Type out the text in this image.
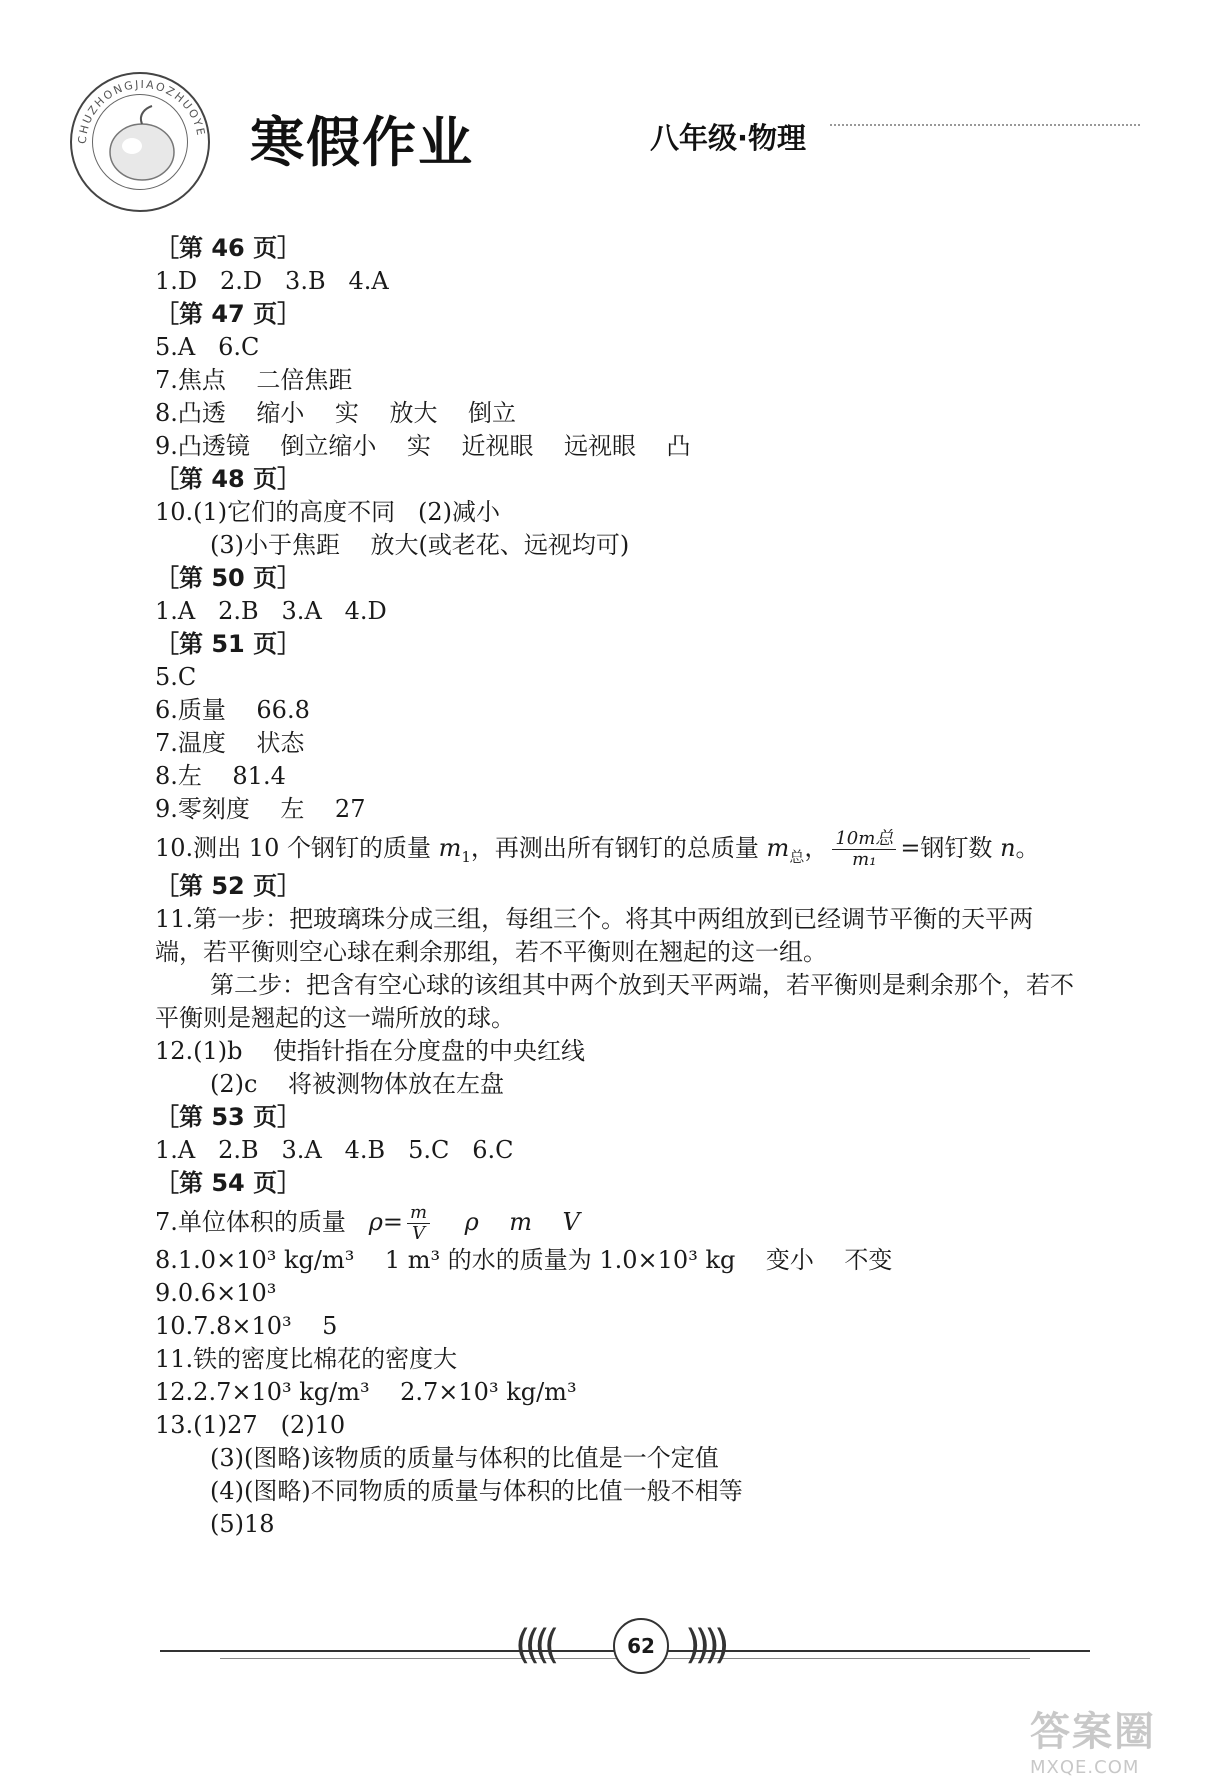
CHUZHONGJIAOZHUOYE 寒假作业	八年级·物理
［第 46 页］
1.D   2.D   3.B   4.A
［第 47 页］
5.A   6.C
7.焦点    二倍焦距
8.凸透    缩小    实    放大    倒立
9.凸透镜    倒立缩小    实    近视眼    远视眼    凸
［第 48 页］
10.(1)它们的高度不同   (2)减小
(3)小于焦距    放大(或老花、远视均可)
［第 50 页］
1.A   2.B   3.A   4.D
［第 51 页］
5.C
6.质量    66.8
7.温度    状态
8.左    81.4
9.零刻度    左    27
10.测出 10 个钢钉的质量 $m_1$，再测出所有钢钉的总质量 $m_总$， $\frac{\text{10m总}}{\text{m₁}}$ =钢钉数 n。
［第 52 页］
11.第一步：把玻璃珠分成三组，每组三个。将其中两组放到已经调节平衡的天平两
端，若平衡则空心球在剩余那组，若不平衡则在翘起的这一组。
第二步：把含有空心球的该组其中两个放到天平两端，若平衡则是剩余那个，若不
平衡则是翘起的这一端所放的球。
12.(1)b    使指针指在分度盘的中央红线
(2)c    将被测物体放在左盘
［第 53 页］
1.A   2.B   3.A   4.B   5.C   6.C
［第 54 页］
7.单位体积的质量   $\rho= \frac{m}{V}$ ρ    m    V
8.1.0×10³ kg/m³    1 m³ 的水的质量为 1.0×10³ kg    变小    不变
9.0.6×10³
10.7.8×10³    5
11.铁的密度比棉花的密度大
12.2.7×10³ kg/m³    2.7×10³ kg/m³
13.(1)27   (2)10
(3)(图略)该物质的质量与体积的比值是一个定值
(4)(图略)不同物质的质量与体积的比值一般不相等
(5)18
((((	62 ))))
答案圈
MXQE.COM
